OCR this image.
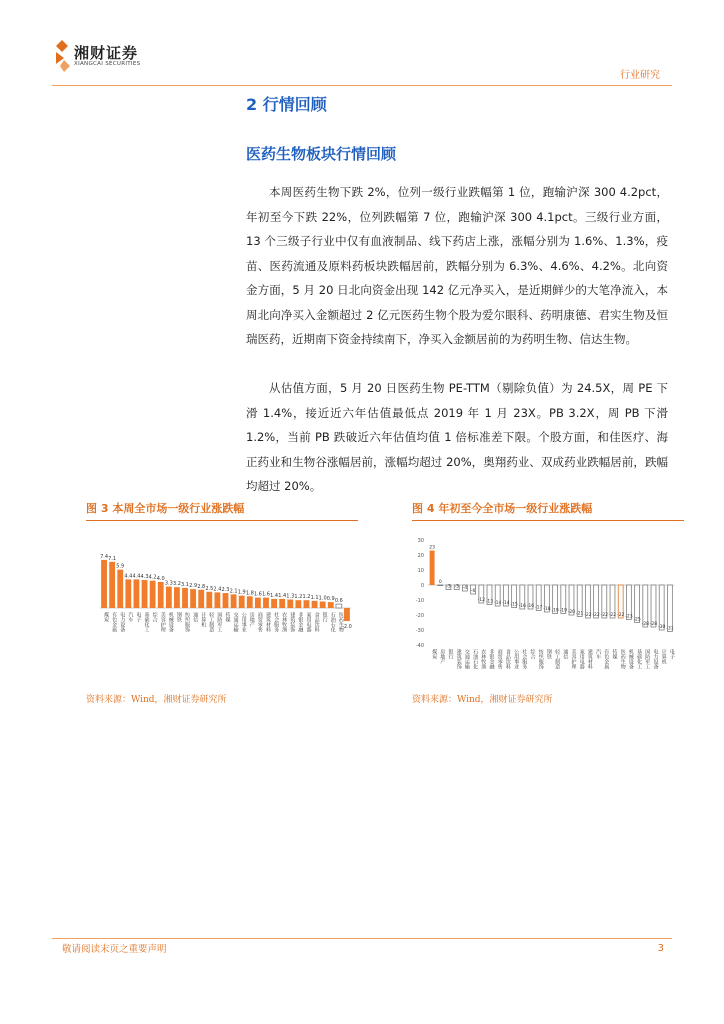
湘财证券
XIANGCAI SECURITIES
行业研究
2 行情回顾
医药生物板块行情回顾

本周医药生物下跌 2%，位列一级行业跌幅第 1 位，跑输沪深 300 4.2pct，年初至今下跌 22%，位列跌幅第 7 位，跑输沪深 300 4.1pct。三级行业方面，13 个三级子行业中仅有血液制品、线下药店上涨，涨幅分别为 1.6%、1.3%，疫苗、医药流通及原料药板块跌幅居前，跌幅分别为 6.3%、4.6%、4.2%。北向资金方面，5 月 20 日北向资金出现 142 亿元净买入，是近期鲜少的大笔净流入，本周北向净买入金额超过 2 亿元医药生物个股为爱尔眼科、药明康德、君实生物及恒瑞医药，近期南下资金持续南下，净买入金额居前的为药明生物、信达生物。

从估值方面，5 月 20 日医药生物 PE-TTM（剔除负值）为 24.5X，周 PE 下滑 1.4%，接近近六年估值最低点 2019 年 1 月 23X。PB 3.2X，周 PB 下滑 1.2%，当前 PB 跌破近六年估值均值 1 倍标准差下限。个股方面，和佳医疗、海正药业和生物谷涨幅居前，涨幅均超过 20%，奥翔药业、双成药业跌幅居前，跌幅均超过 20%。

图 3 本周全市场一级行业涨跌幅	图 4 年初至今全市场一级行业涨跌幅
7.4
煤炭
7.1
有色金属
5.9
电力设备
4.4
汽车
4.4
电子
4.3
基础化工
4.2
综合
4.0
美容护理
3.3
机械设备
3.2
钢铁
3.1
纺织服饰
2.9
通信
2.8
计算机
2.5
轻工制造
2.4
国防军工
2.3
传媒
2.1
交通运输
1.9
公用事业
1.8
房地产
1.6
商贸零售
1.6
建筑材料
1.4
社会服务
1.4
农林牧渔
1.3
建筑装饰
1.2
非银金融
1.2
家用电器
1.1
食品饮料
1.0
银行
0.9
石油石化
0.6
医药生物
-2.0
30
20
10
0
-10
-20
-30
-40
23
煤炭
0
房地产
-3
银行
-3
建筑装饰
-4
交通运输
-6
石油石化
-12
农林牧渔
-13
非银金融
-14
商贸零售
-14
食品饮料
-15
公用事业
-16
社会服务
-16
综合
-17
纺织服饰
-18
钢铁
-19
轻工制造
-19
通信
-20
美容护理
-21
家用电器
-22
建筑材料
-22
汽车
-22
有色金属
-22
传媒
-22
医药生物
-23
机械设备
-25
基础化工
-28
国防军工
-28
电力设备
-30
计算机
-31
电子
资料来源：Wind，湘财证券研究所	资料来源：Wind，湘财证券研究所
敬请阅读末页之重要声明	3
